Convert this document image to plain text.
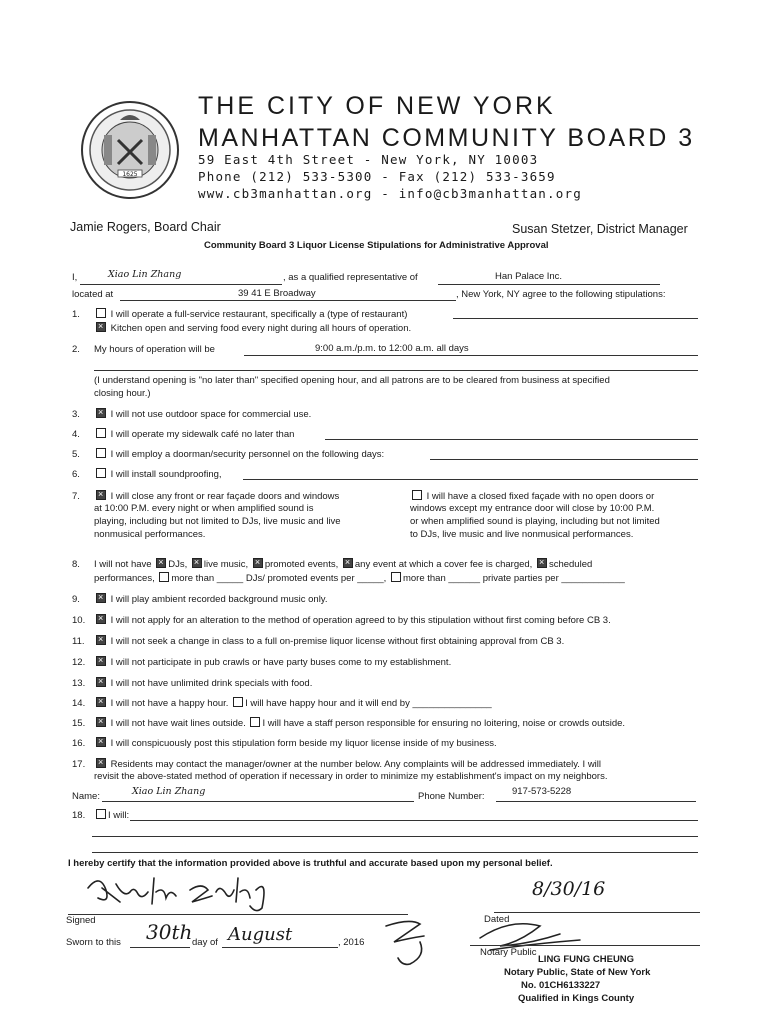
1625
THE CITY OF NEW YORK
MANHATTAN COMMUNITY BOARD 3
59 East 4th Street - New York, NY 10003
Phone (212) 533-5300 - Fax (212) 533-3659
www.cb3manhattan.org - info@cb3manhattan.org
Jamie Rogers, Board Chair	Susan Stetzer, District Manager
Community Board 3 Liquor License Stipulations for Administrative Approval
I,	Xiao Lin Zhang	, as a qualified representative of	Han Palace Inc.
located at	39 41 E Broadway	, New York, NY agree to the following stipulations:
1.	I will operate a full-service restaurant, specifically a (type of restaurant)
× Kitchen open and serving food every night during all hours of operation.
2. My hours of operation will be	9:00 a.m./p.m. to 12:00 a.m. all days
(I understand opening is "no later than" specified opening hour, and all patrons are to be cleared from business at specified
closing hour.)
3. ×	I will not use outdoor space for commercial use.
4.	I will operate my sidewalk café no later than
5.	I will employ a doorman/security personnel on the following days:
6.	I will install soundproofing,
7. ×	I will close any front or rear façade doors and windows
at 10:00 P.M. every night or when amplified sound is
playing, including but not limited to DJs, live music and live
nonmusical performances.
I will have a closed fixed façade with no open doors or
windows except my entrance door will close by 10:00 P.M.
or when amplified sound is playing, including but not limited
to DJs, live music and live nonmusical performances.
8. I will not have × DJs, × live music, × promoted events, × any event at which a cover fee is charged, × scheduled
performances, more than _____ DJs/ promoted events per _____, more than ______ private parties per ____________
9. ×	I will play ambient recorded background music only.
10. ×	I will not apply for an alteration to the method of operation agreed to by this stipulation without first coming before CB 3.
11. ×	I will not seek a change in class to a full on-premise liquor license without first obtaining approval from CB 3.
12. ×	I will not participate in pub crawls or have party buses come to my establishment.
13. ×	I will not have unlimited drink specials with food.
14. ×	I will not have a happy hour. I will have happy hour and it will end by _______________
15. ×	I will not have wait lines outside. I will have a staff person responsible for ensuring no loitering, noise or crowds outside.
16. ×	I will conspicuously post this stipulation form beside my liquor license inside of my business.
17. ×	Residents may contact the manager/owner at the number below. Any complaints will be addressed immediately. I will
revisit the above-stated method of operation if necessary in order to minimize my establishment's impact on my neighbors.
Name:	Xiao Lin Zhang	Phone Number:	917-573-5228
18. I will:
I hereby certify that the information provided above is truthful and accurate based upon my personal belief.
Signed
Sworn to this 30th day of August	, 2016
8/30/16
Dated
Notary Public
LING FUNG CHEUNG
Notary Public, State of New York
No. 01CH6133227
Qualified in Kings County
